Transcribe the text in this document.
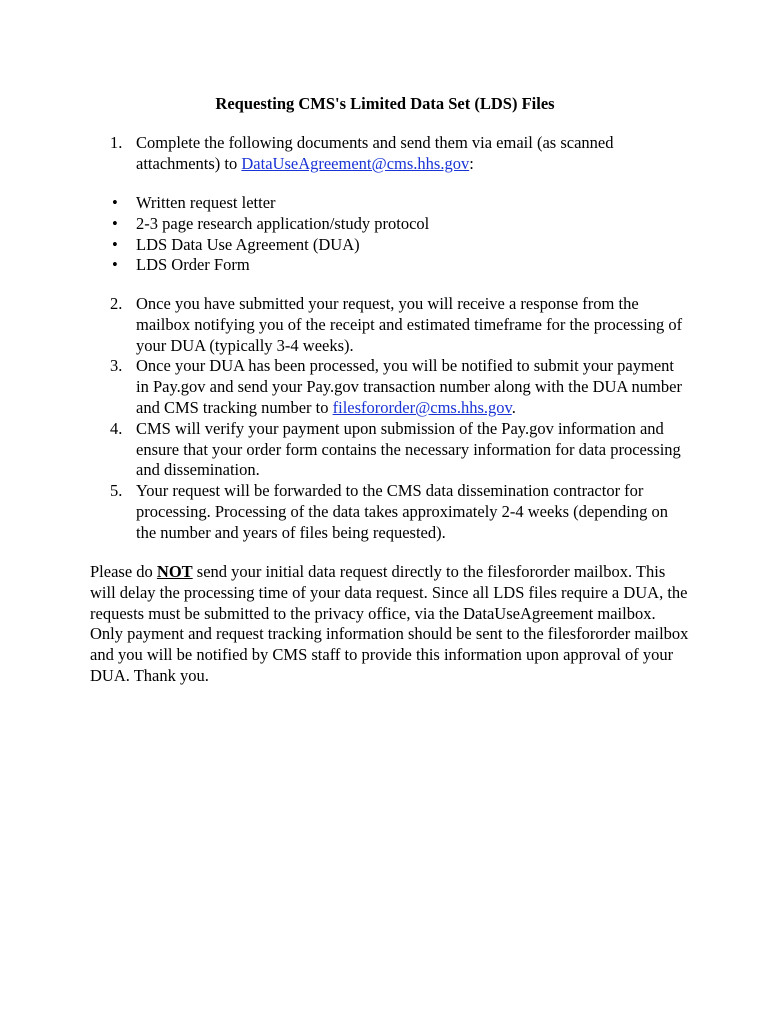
Requesting CMS's Limited Data Set (LDS) Files
1. Complete the following documents and send them via email (as scanned attachments) to DataUseAgreement@cms.hhs.gov:
• Written request letter
• 2-3 page research application/study protocol
• LDS Data Use Agreement (DUA)
• LDS Order Form
2. Once you have submitted your request, you will receive a response from the mailbox notifying you of the receipt and estimated timeframe for the processing of your DUA (typically 3-4 weeks).
3. Once your DUA has been processed, you will be notified to submit your payment in Pay.gov and send your Pay.gov transaction number along with the DUA number and CMS tracking number to filesfororder@cms.hhs.gov.
4. CMS will verify your payment upon submission of the Pay.gov information and ensure that your order form contains the necessary information for data processing and dissemination.
5. Your request will be forwarded to the CMS data dissemination contractor for processing. Processing of the data takes approximately 2-4 weeks (depending on the number and years of files being requested).
Please do NOT send your initial data request directly to the filesfororder mailbox. This will delay the processing time of your data request. Since all LDS files require a DUA, the requests must be submitted to the privacy office, via the DataUseAgreement mailbox. Only payment and request tracking information should be sent to the filesfororder mailbox and you will be notified by CMS staff to provide this information upon approval of your DUA. Thank you.
